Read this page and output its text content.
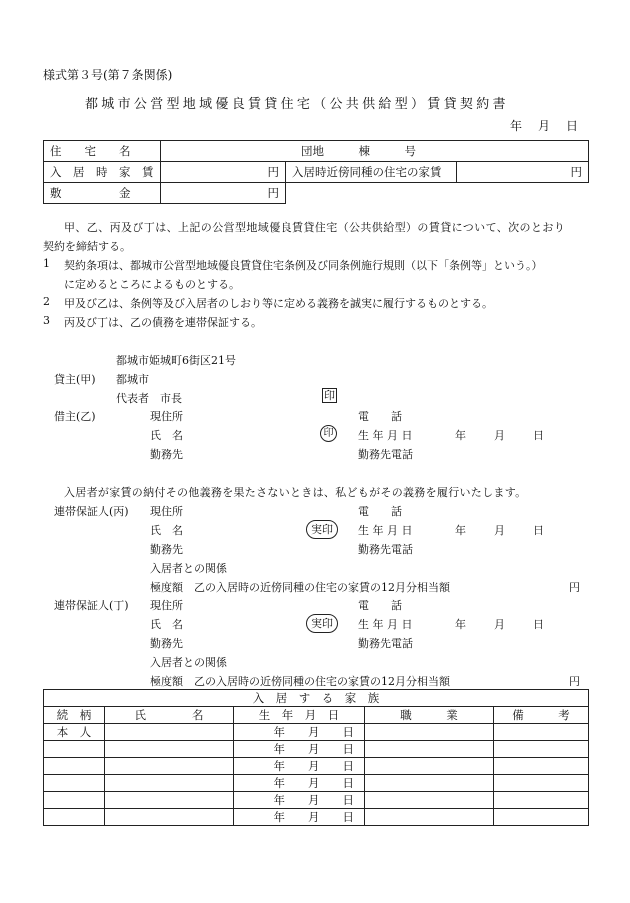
様式第３号(第７条関係)
都城市公営型地域優良賃貸住宅（公共供給型）賃貸契約書
年　月　日
住　　宅　　名	団地　　　棟　　　号		
入　居　時　家　賃	円	入居時近傍同種の住宅の家賃	円
敷　　　　　金	円		
甲、乙、丙及び丁は、上記の公営型地域優良賃貸住宅（公共供給型）の賃貸について、次のとおり
契約を締結する。
1 契約条項は、都城市公営型地域優良賃貸住宅条例及び同条例施行規則（以下「条例等」という。）
に定めるところによるものとする。
2 甲及び乙は、条例等及び入居者のしおり等に定める義務を誠実に履行するものとする。
3 丙及び丁は、乙の債務を連帯保証する。
都城市姫城町6街区21号
貸主(甲) 都城市
代表者　市長	印
借主(乙)	現住所	電　　話
氏　名	印	生 年 月 日	年　　月　　日
勤務先	勤務先電話
入居者が家賃の納付その他義務を果たさないときは、私どもがその義務を履行いたします。
連帯保証人(丙) 現住所	電　　話
氏　名	実印	生 年 月 日	年　　月　　日
勤務先	勤務先電話
入居者との関係
極度額　乙の入居時の近傍同種の住宅の家賃の12月分相当額	円
連帯保証人(丁) 現住所	電　　話
氏　名	実印	生 年 月 日	年　　月　　日
勤務先	勤務先電話
入居者との関係
極度額　乙の入居時の近傍同種の住宅の家賃の12月分相当額	円
入　居　す　る　家　族				
続　柄	氏　　　　名	生　年　月　日	職　　　業	備　　　考
本　人		年　　月　　日		
		年　　月　　日		
		年　　月　　日		
		年　　月　　日		
		年　　月　　日		
		年　　月　　日		
